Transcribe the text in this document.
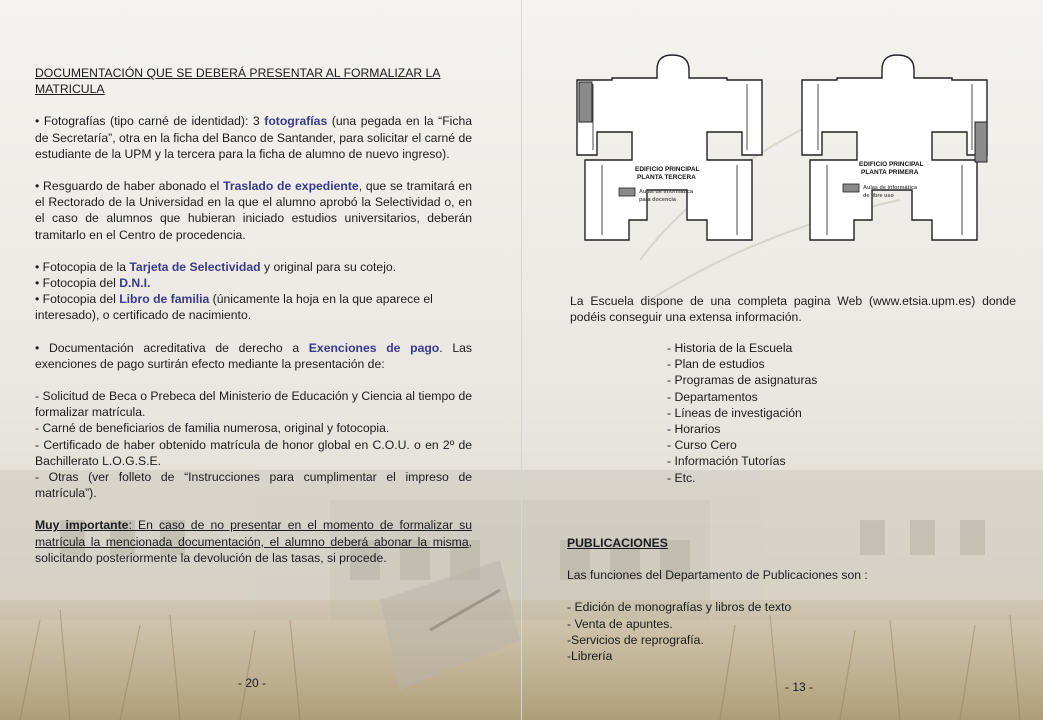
DOCUMENTACIÓN QUE SE DEBERÁ PRESENTAR AL FORMALIZAR LA MATRICULA

• Fotografías (tipo carné de identidad): 3 fotografías (una pegada en la “Ficha de Secretaría”, otra en la ficha del Banco de Santander, para solicitar el carné de estudiante de la UPM y la tercera para la ficha de alumno de nuevo ingreso).

• Resguardo de haber abonado el Traslado de expediente, que se tramitará en el Rectorado de la Universidad en la que el alumno aprobó la Selectividad o, en el caso de alumnos que hubieran iniciado estudios universitarios, deberán tramitarlo en el Centro de procedencia.

• Fotocopia de la Tarjeta de Selectividad y original para su cotejo.
• Fotocopia del D.N.I.
• Fotocopia del Libro de familia (únicamente la hoja en la que aparece el interesado), o certificado de nacimiento.

• Documentación acreditativa de derecho a Exenciones de pago. Las exenciones de pago surtirán efecto mediante la presentación de:

- Solicitud de Beca o Prebeca del Ministerio de Educación y Ciencia al tiempo de formalizar matrícula.
- Carné de beneficiarios de familia numerosa, original y fotocopia.
- Certificado de haber obtenido matrícula de honor global en C.O.U. o en 2º de Bachillerato L.O.G.S.E.
- Otras (ver folleto de “Instrucciones para cumplimentar el impreso de matrícula”).

Muy importante: En caso de no presentar en el momento de formalizar su matrícula la mencionada documentación, el alumno deberá abonar la misma, solicitando posteriormente la devolución de las tasas, si procede.

- 20 -
EDIFICIO PRINCIPAL
PLANTA TERCERA
Aulas de informática
para docencia
EDIFICIO PRINCIPAL
PLANTA PRIMERA
Aulas de informática
de libre uso

La Escuela dispone de una completa pagina Web (www.etsia.upm.es) donde podéis conseguir una extensa información.

- Historia de la Escuela
- Plan de estudios
- Programas de asignaturas
- Departamentos
- Líneas de investigación
- Horarios
- Curso Cero
- Información Tutorías
- Etc.
PUBLICACIONES
Las funciones del Departamento de Publicaciones son :
- Edición de monografías y libros de texto
- Venta de apuntes.
-Servicios de reprografía.
-Librería
- 13 -
